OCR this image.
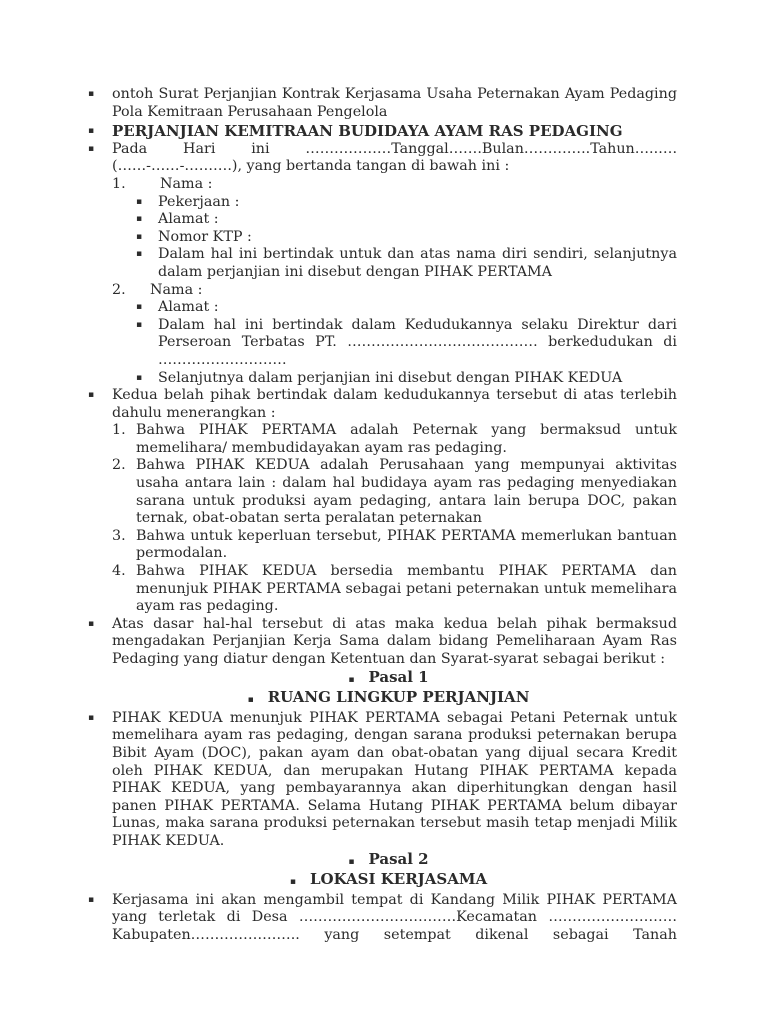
▪ ontoh Surat Perjanjian Kontrak Kerjasama Usaha Peternakan Ayam Pedaging Pola Kemitraan Perusahaan Pengelola
▪ PERJANJIAN KEMITRAAN BUDIDAYA AYAM RAS PEDAGING
▪ Pada Hari ini ………………Tanggal…….Bulan…………..Tahun…..…. (……-……-……….), yang bertanda tangan di bawah ini :
1. Nama :
▪ Pekerjaan :
▪ Alamat :
▪ Nomor KTP :
▪ Dalam hal ini bertindak untuk dan atas nama diri sendiri, selanjutnya dalam perjanjian ini disebut dengan PIHAK PERTAMA
2. Nama :
▪ Alamat :
▪ Dalam hal ini bertindak dalam Kedudukannya selaku Direktur dari Perseroan Terbatas PT. …………………………………. berkedudukan di ………………………
▪ Selanjutnya dalam perjanjian ini disebut dengan PIHAK KEDUA
▪ Kedua belah pihak bertindak dalam kedudukannya tersebut di atas terlebih dahulu menerangkan :
1. Bahwa PIHAK PERTAMA adalah Peternak yang bermaksud untuk memelihara/ membudidayakan ayam ras pedaging.
2. Bahwa PIHAK KEDUA adalah Perusahaan yang mempunyai aktivitas usaha antara lain : dalam hal budidaya ayam ras pedaging menyediakan sarana untuk produksi ayam pedaging, antara lain berupa DOC, pakan ternak, obat-obatan serta peralatan peternakan
3. Bahwa untuk keperluan tersebut, PIHAK PERTAMA memerlukan bantuan permodalan.
4. Bahwa PIHAK KEDUA bersedia membantu PIHAK PERTAMA dan menunjuk PIHAK PERTAMA sebagai petani peternakan untuk memelihara ayam ras pedaging.
▪ Atas dasar hal-hal tersebut di atas maka kedua belah pihak bermaksud mengadakan Perjanjian Kerja Sama dalam bidang Pemeliharaan Ayam Ras Pedaging yang diatur dengan Ketentuan dan Syarat-syarat sebagai berikut :
▪ Pasal 1
▪ RUANG LINGKUP PERJANJIAN
▪ PIHAK KEDUA menunjuk PIHAK PERTAMA sebagai Petani Peternak untuk memelihara ayam ras pedaging, dengan sarana produksi peternakan berupa Bibit Ayam (DOC), pakan ayam dan obat-obatan yang dijual secara Kredit oleh PIHAK KEDUA, dan merupakan Hutang PIHAK PERTAMA kepada PIHAK KEDUA, yang pembayarannya akan diperhitungkan dengan hasil panen PIHAK PERTAMA. Selama Hutang PIHAK PERTAMA belum dibayar Lunas, maka sarana produksi peternakan tersebut masih tetap menjadi Milik PIHAK KEDUA.
▪ Pasal 2
▪ LOKASI KERJASAMA
▪ Kerjasama ini akan mengambil tempat di Kandang Milik PIHAK PERTAMA yang terletak di Desa ……………………………Kecamatan ………………………Kabupaten………………….. yang setempat dikenal sebagai Tanah
